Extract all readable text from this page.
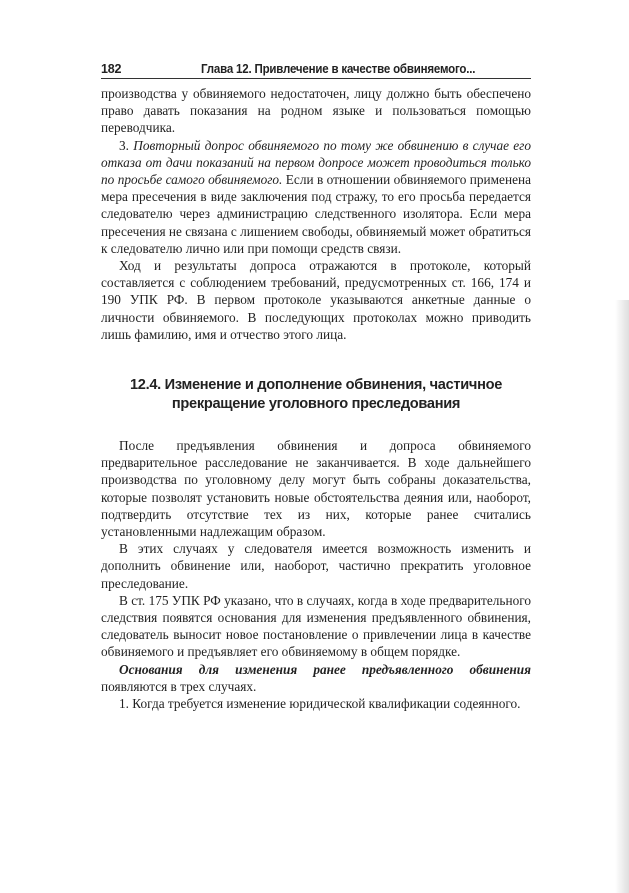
182	Глава 12. Привлечение в качестве обвиняемого...

производства у обвиняемого недостаточен, лицу должно быть обеспечено право давать показания на родном языке и пользоваться помощью переводчика.

3. Повторный допрос обвиняемого по тому же обвинению в случае его отказа от дачи показаний на первом допросе может проводиться только по просьбе самого обвиняемого. Если в отношении обвиняемого применена мера пресечения в виде заключения под стражу, то его просьба передается следователю через администрацию следственного изолятора. Если мера пресечения не связана с лишением свободы, обвиняемый может обратиться к следователю лично или при помощи средств связи.

Ход и результаты допроса отражаются в протоколе, который составляется с соблюдением требований, предусмотренных ст. 166, 174 и 190 УПК РФ. В первом протоколе указываются анкетные данные о личности обвиняемого. В последующих протоколах можно приводить лишь фамилию, имя и отчество этого лица.

12.4. Изменение и дополнение обвинения, частичное
прекращение уголовного преследования

После предъявления обвинения и допроса обвиняемого предварительное расследование не заканчивается. В ходе дальнейшего производства по уголовному делу могут быть собраны доказательства, которые позволят установить новые обстоятельства деяния или, наоборот, подтвердить отсутствие тех из них, которые ранее считались установленными надлежащим образом.

В этих случаях у следователя имеется возможность изменить и дополнить обвинение или, наоборот, частично прекратить уголовное преследование.

В ст. 175 УПК РФ указано, что в случаях, когда в ходе предварительного следствия появятся основания для изменения предъявленного обвинения, следователь выносит новое постановление о привлечении лица в качестве обвиняемого и предъявляет его обвиняемому в общем порядке.

Основания для изменения ранее предъявленного обвинения появляются в трех случаях.

1. Когда требуется изменение юридической квалификации содеянного.
